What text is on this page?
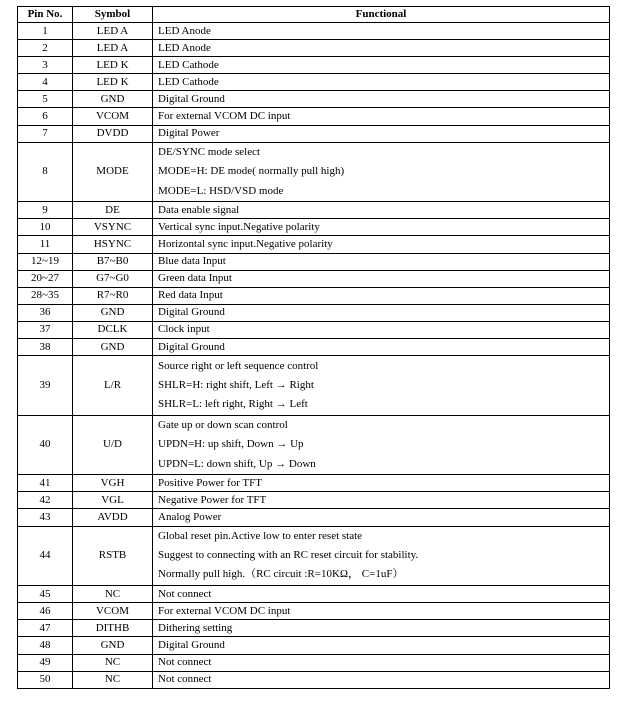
Pin No.	Symbol	Functional
1	LED A	LED Anode

2	LED A	LED Anode

3	LED K	LED Cathode

4	LED K	LED Cathode

5	GND	Digital Ground

6	VCOM	For external VCOM DC input

7	DVDD	Digital Power

8	MODE	DE/SYNC mode select
MODE=H: DE mode( normally pull high)
MODE=L: HSD/VSD mode

9	DE	Data enable signal

10	VSYNC	Vertical sync input.Negative polarity

11	HSYNC	Horizontal sync input.Negative polarity

12~19	B7~B0	Blue data Input

20~27	G7~G0	Green data Input

28~35	R7~R0	Red data Input

36	GND	Digital Ground

37	DCLK	Clock input

38	GND	Digital Ground

39	L/R	Source right or left sequence control
SHLR=H: right shift, Left → Right
SHLR=L: left right, Right → Left

40	U/D	Gate up or down scan control
UPDN=H: up shift, Down → Up
UPDN=L: down shift, Up → Down

41	VGH	Positive Power for TFT

42	VGL	Negative Power for TFT

43	AVDD	Analog Power

44	RSTB	Global reset pin.Active low to enter reset state
Suggest to connecting with an RC reset circuit for stability.
Normally pull high.（RC circuit :R=10KΩ， C=1uF）

45	NC	Not connect

46	VCOM	For external VCOM DC input

47	DITHB	Dithering setting

48	GND	Digital Ground

49	NC	Not connect

50	NC	Not connect
